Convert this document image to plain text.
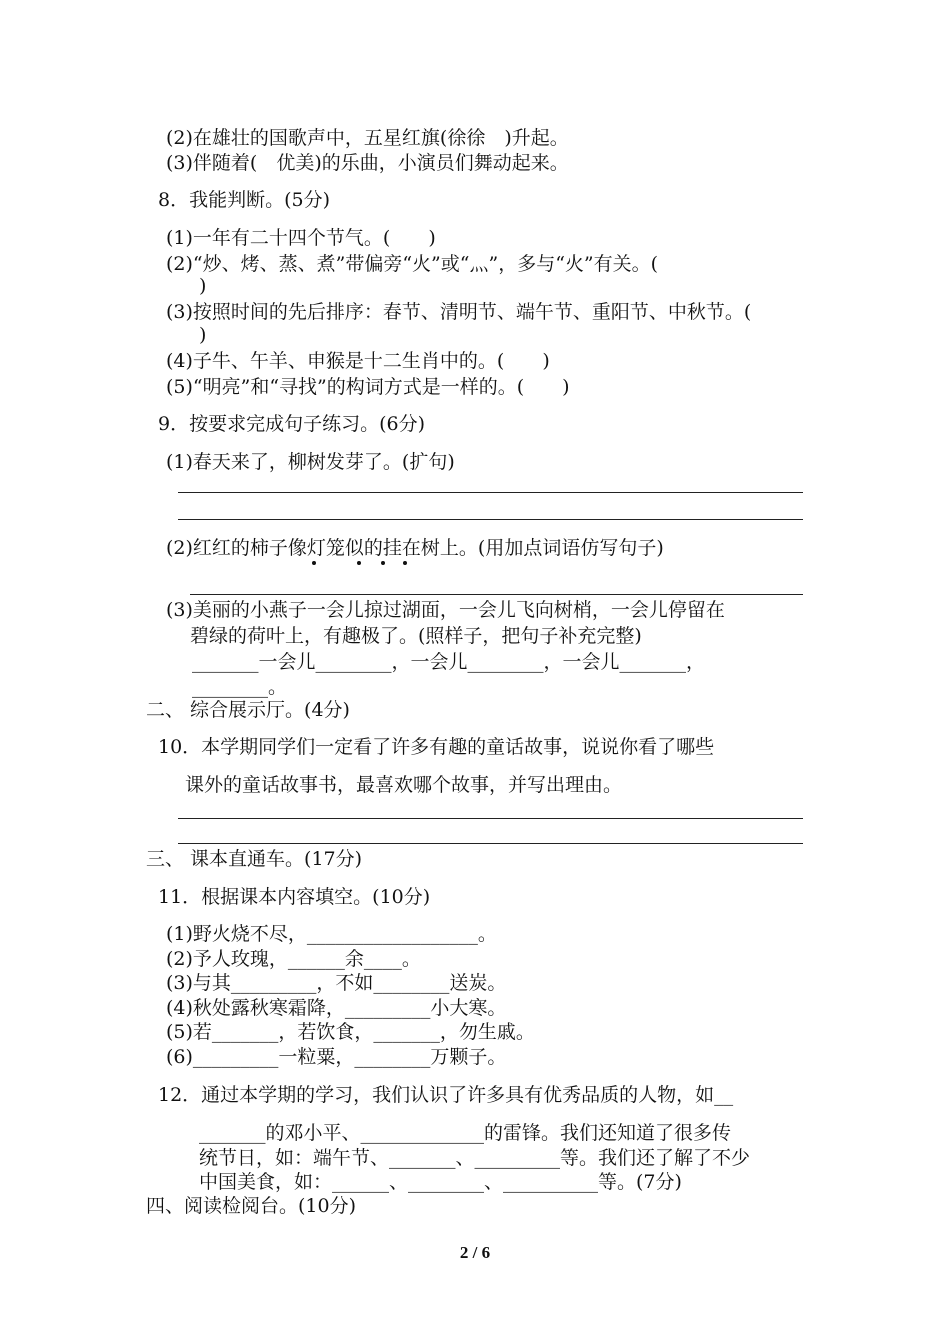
(2)在雄壮的国歌声中，五星红旗(徐徐　)升起。
(3)伴随着(　优美)的乐曲，小演员们舞动起来。
8．我能判断。(5分)
(1)一年有二十四个节气。(　　)
(2)“炒、烤、蒸、煮”带偏旁“火”或“灬”，多与“火”有关。(
)
(3)按照时间的先后排序：春节、清明节、端午节、重阳节、中秋节。(
)
(4)子牛、午羊、申猴是十二生肖中的。(　　)
(5)“明亮”和“寻找”的构词方式是一样的。(　　)
9．按要求完成句子练习。(6分)
(1)春天来了，柳树发芽了。(扩句)
(2)红红的柿子像灯笼似的挂在树上。(用加点词语仿写句子)
(3)美丽的小燕子一会儿掠过湖面，一会儿飞向树梢，一会儿停留在
碧绿的荷叶上，有趣极了。(照样子，把句子补充完整)
_______一会儿________，一会儿________，一会儿_______，
________。
二、 综合展示厅。(4分)
10．本学期同学们一定看了许多有趣的童话故事，说说你看了哪些
课外的童话故事书，最喜欢哪个故事，并写出理由。
三、 课本直通车。(17分)
11．根据课本内容填空。(10分)
(1)野火烧不尽，__________________。
(2)予人玫瑰，______余____。
(3)与其_________，不如________送炭。
(4)秋处露秋寒霜降，_________小大寒。
(5)若_______，若饮食，_______，勿生戚。
(6)_________一粒粟，________万颗子。
12．通过本学期的学习，我们认识了许多具有优秀品质的人物，如__
_______的邓小平、_____________的雷锋。我们还知道了很多传
统节日，如：端午节、_______、_________等。我们还了解了不少
中国美食，如：______、________、__________等。(7分)
四、阅读检阅台。(10分)
2 / 6
